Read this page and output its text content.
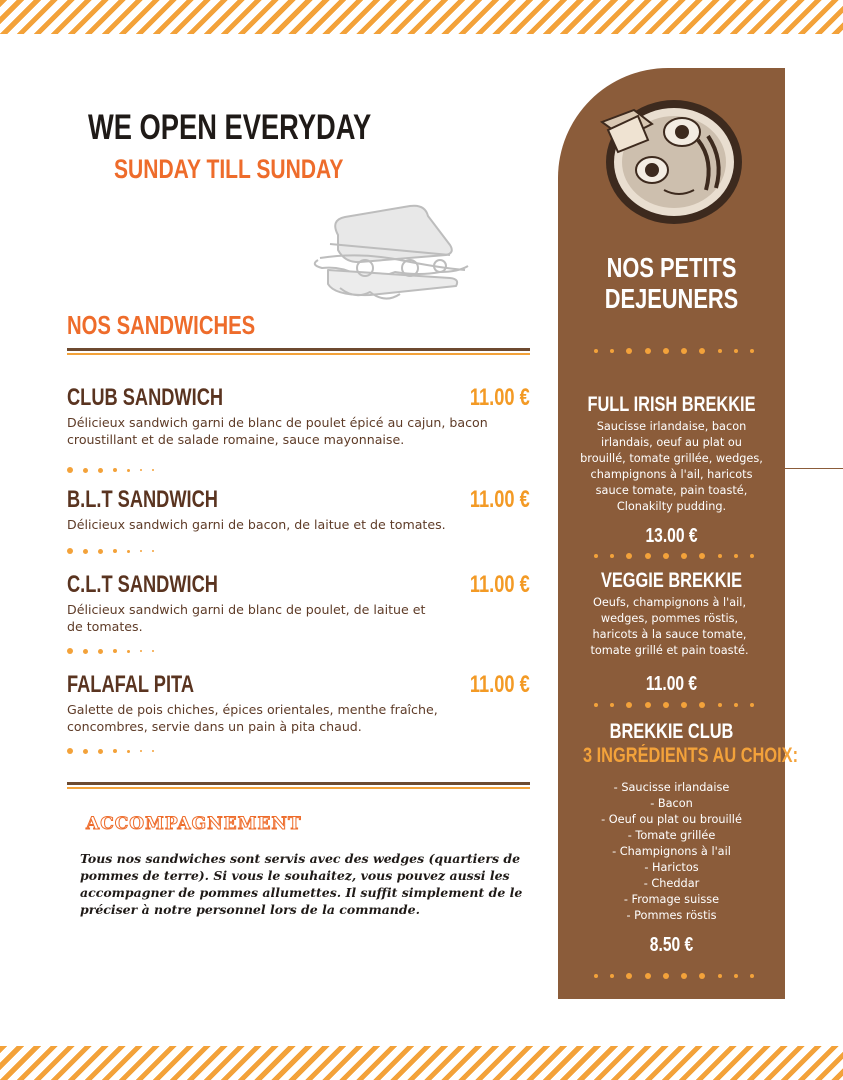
WE OPEN EVERYDAY
SUNDAY TILL SUNDAY
NOS SANDWICHES
CLUB SANDWICH	11.00 €
Délicieux sandwich garni de blanc de poulet épicé au cajun, bacon croustillant et de salade romaine, sauce mayonnaise.
B.L.T SANDWICH	11.00 €
Délicieux sandwich garni de bacon, de laitue et de tomates.
C.L.T SANDWICH	11.00 €
Délicieux sandwich garni de blanc de poulet, de laitue et de tomates.
FALAFAL PITA	11.00 €
Galette de pois chiches, épices orientales, menthe fraîche, concombres, servie dans un pain à pita chaud.
ACCOMPAGNEMENT
Tous nos sandwiches sont servis avec des wedges (quartiers de pommes de terre). Si vous le souhaitez, vous pouvez aussi les accompagner de pommes allumettes. Il suffit simplement de le préciser à notre personnel lors de la commande.
NOS PETITS
DEJEUNERS
FULL IRISH BREKKIE
Saucisse irlandaise, bacon irlandais, oeuf au plat ou brouillé, tomate grillée, wedges, champignons à l'ail, haricots sauce tomate, pain toasté, Clonakilty pudding.
13.00 €
VEGGIE BREKKIE
Oeufs, champignons à l'ail, wedges, pommes röstis, haricots à la sauce tomate, tomate grillé et pain toasté.
11.00 €
BREKKIE CLUB
3 INGRÉDIENTS AU CHOIX:
- Saucisse irlandaise
- Bacon
- Oeuf ou plat ou brouillé
- Tomate grillée
- Champignons à l'ail
- Harictos
- Cheddar
- Fromage suisse
- Pommes röstis
8.50 €
